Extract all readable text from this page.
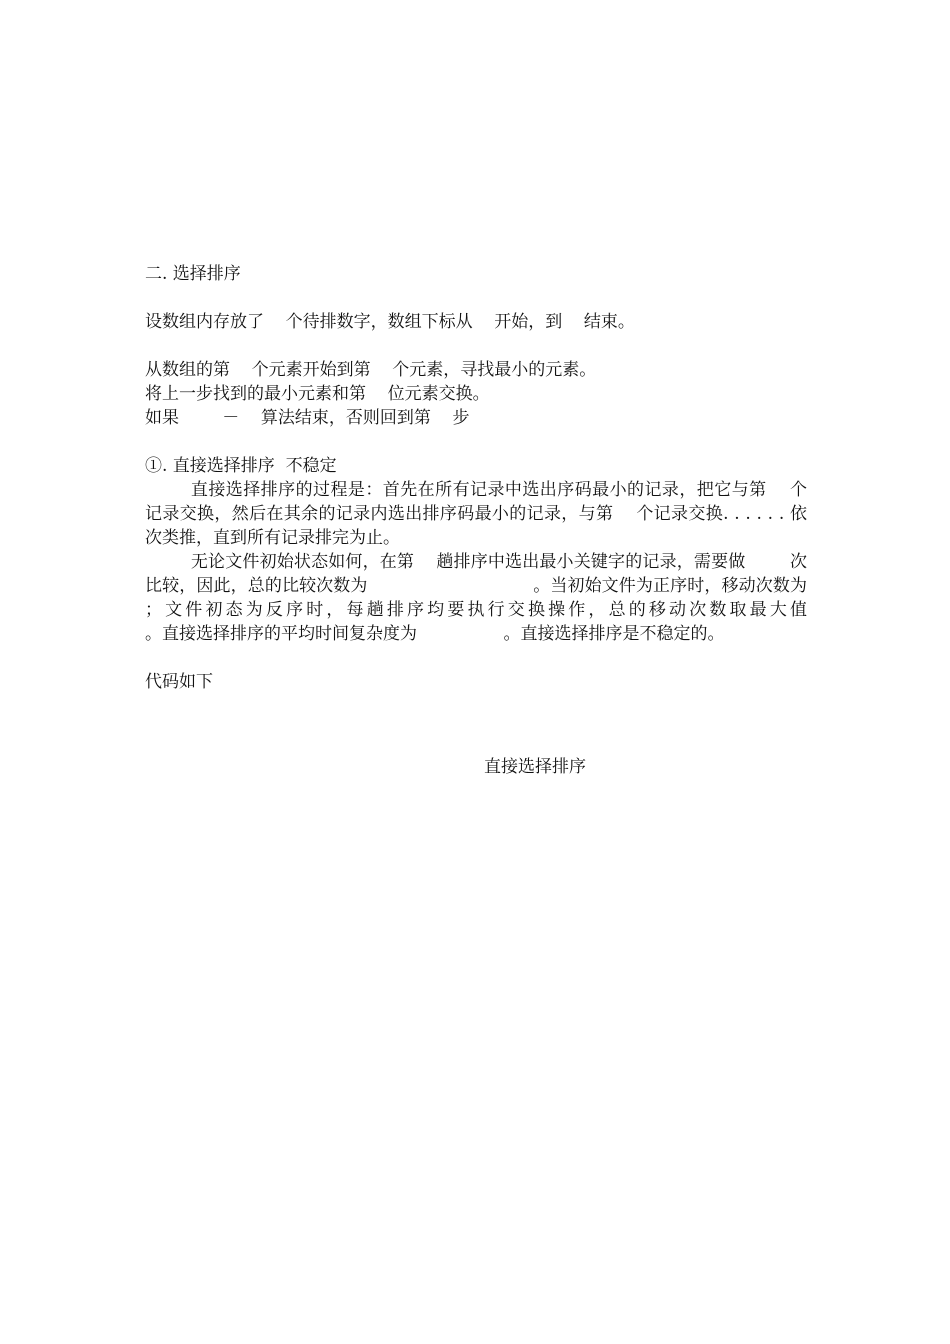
二. 选择排序
设数组内存放了    个待排数字，数组下标从    开始，到    结束。
从数组的第    个元素开始到第    个元素，寻找最小的元素。
将上一步找到的最小元素和第    位元素交换。
如果        －    算法结束，否则回到第    步
①. 直接选择排序  不稳定

直接选择排序的过程是：首先在所有记录中选出序码最小的记录，把它与第    个记录交换，然后在其余的记录内选出排序码最小的记录，与第    个记录交换. . . . . . 依次类推，直到所有记录排完为止。

无论文件初始状态如何，在第    趟排序中选出最小关键字的记录，需要做        次比较，因此，总的比较次数为                              。当初始文件为正序时，移动次数为    ；文件初态为反序时，每趟排序均要执行交换操作，总的移动次数取最大值                。直接选择排序的平均时间复杂度为                。直接选择排序是不稳定的。

代码如下
直接选择排序
